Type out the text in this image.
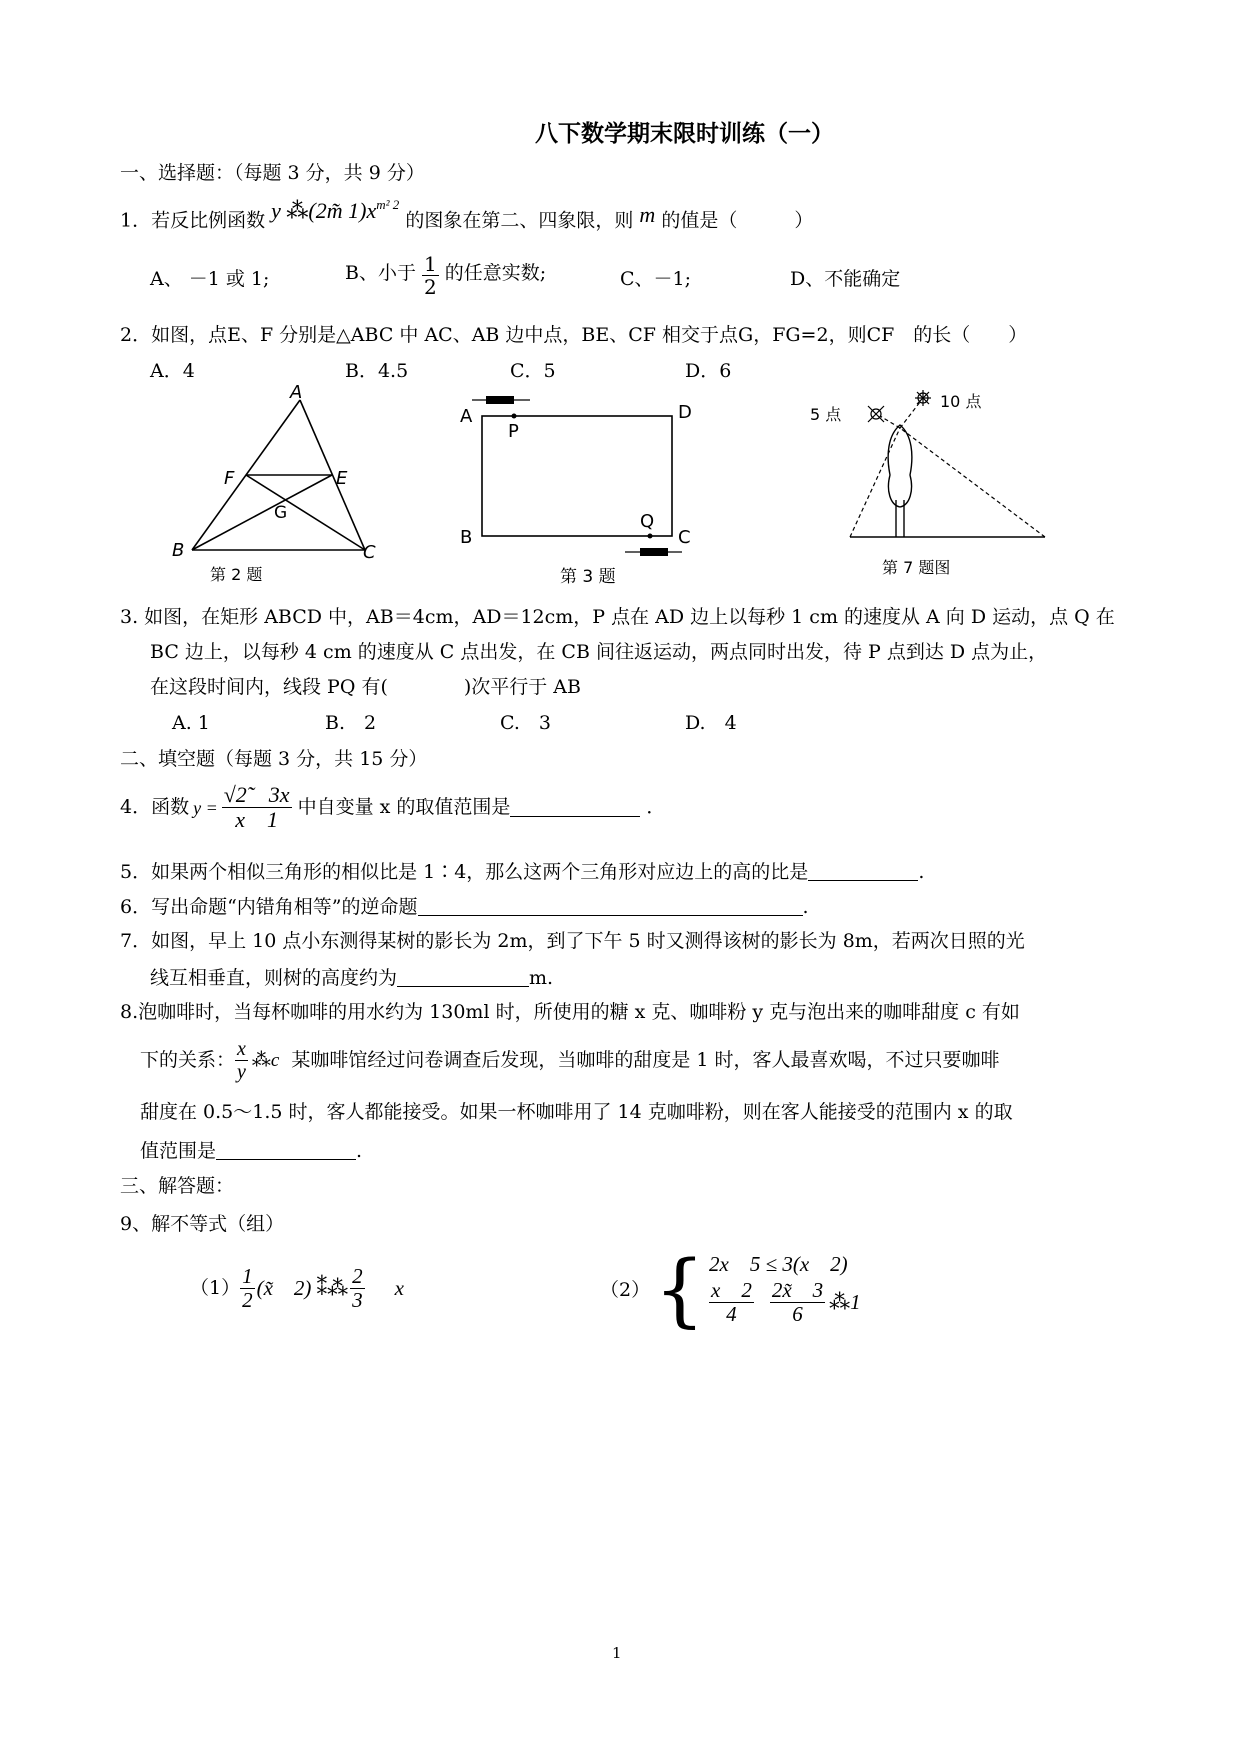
八下数学期末限时训练（一）
一、选择题：（每题 3 分，共 9 分）
1．若反比例函数 y ⁂(2m̃ $1)x^{m^2 2}$ 的图象在第二、四象限，则 m 的值是（　　　）
A、 －1 或 1;	B、小于 $\frac{1}{2}$ 的任意实数;	C、－1;	D、不能确定
2．如图，点E、F 分别是△ABC 中 AC、AB 边中点，BE、CF 相交于点G，FG=2，则CF　的长（　　）
A．4	B．4.5	C．5	D．6
A
F	E
G
B	C
第 2 题
A
P
D
B
Q
C
第 3 题
5 点
10 点
第 7 题图
3. 如图，在矩形 ABCD 中，AB＝4cm，AD＝12cm，P 点在 AD 边上以每秒 1 cm 的速度从 A 向 D 运动，点 Q 在
BC 边上，以每秒 4 cm 的速度从 C 点出发，在 CB 间往返运动，两点同时出发，待 P 点到达 D 点为止，
在这段时间内，线段 PQ 有(　　　　)次平行于 AB
A. 1	B.　2	C.　3	D.　4
二、填空题（每题 3 分，共 15 分）
4．函数 $y = \frac{√2̃ 3x}{x 1}$ 中自变量 x 的取值范围是	．
5．如果两个相似三角形的相似比是 1∶4，那么这两个三角形对应边上的高的比是	.
6．写出命题“内错角相等”的逆命题	.
7．如图，早上 10 点小东测得某树的影长为 2m，到了下午 5 时又测得该树的影长为 8m，若两次日照的光
线互相垂直，则树的高度约为	m.
8.泡咖啡时，当每杯咖啡的用水约为 130ml 时，所使用的糖 x 克、咖啡粉 y 克与泡出来的咖啡甜度 c 有如
下的关系： $\frac{x}{y}$ ⁂c 某咖啡馆经过问卷调查后发现，当咖啡的甜度是 1 时，客人最喜欢喝，不过只要咖啡
甜度在 0.5～1.5 时，客人都能接受。如果一杯咖啡用了 14 克咖啡粉，则在客人能接受的范围内 x 的取
值范围是	.
三、解答题：
9、解不等式（组）
$(1) \frac{1}{2}$ (x̃　2) ⁑⁂ $\frac{2}{3}$ x	（2） { 2x　5 ≤ 3(x　2)
$\frac{x 2}{4} \frac{2x̃ 3}{6}$ ⁂1
1
